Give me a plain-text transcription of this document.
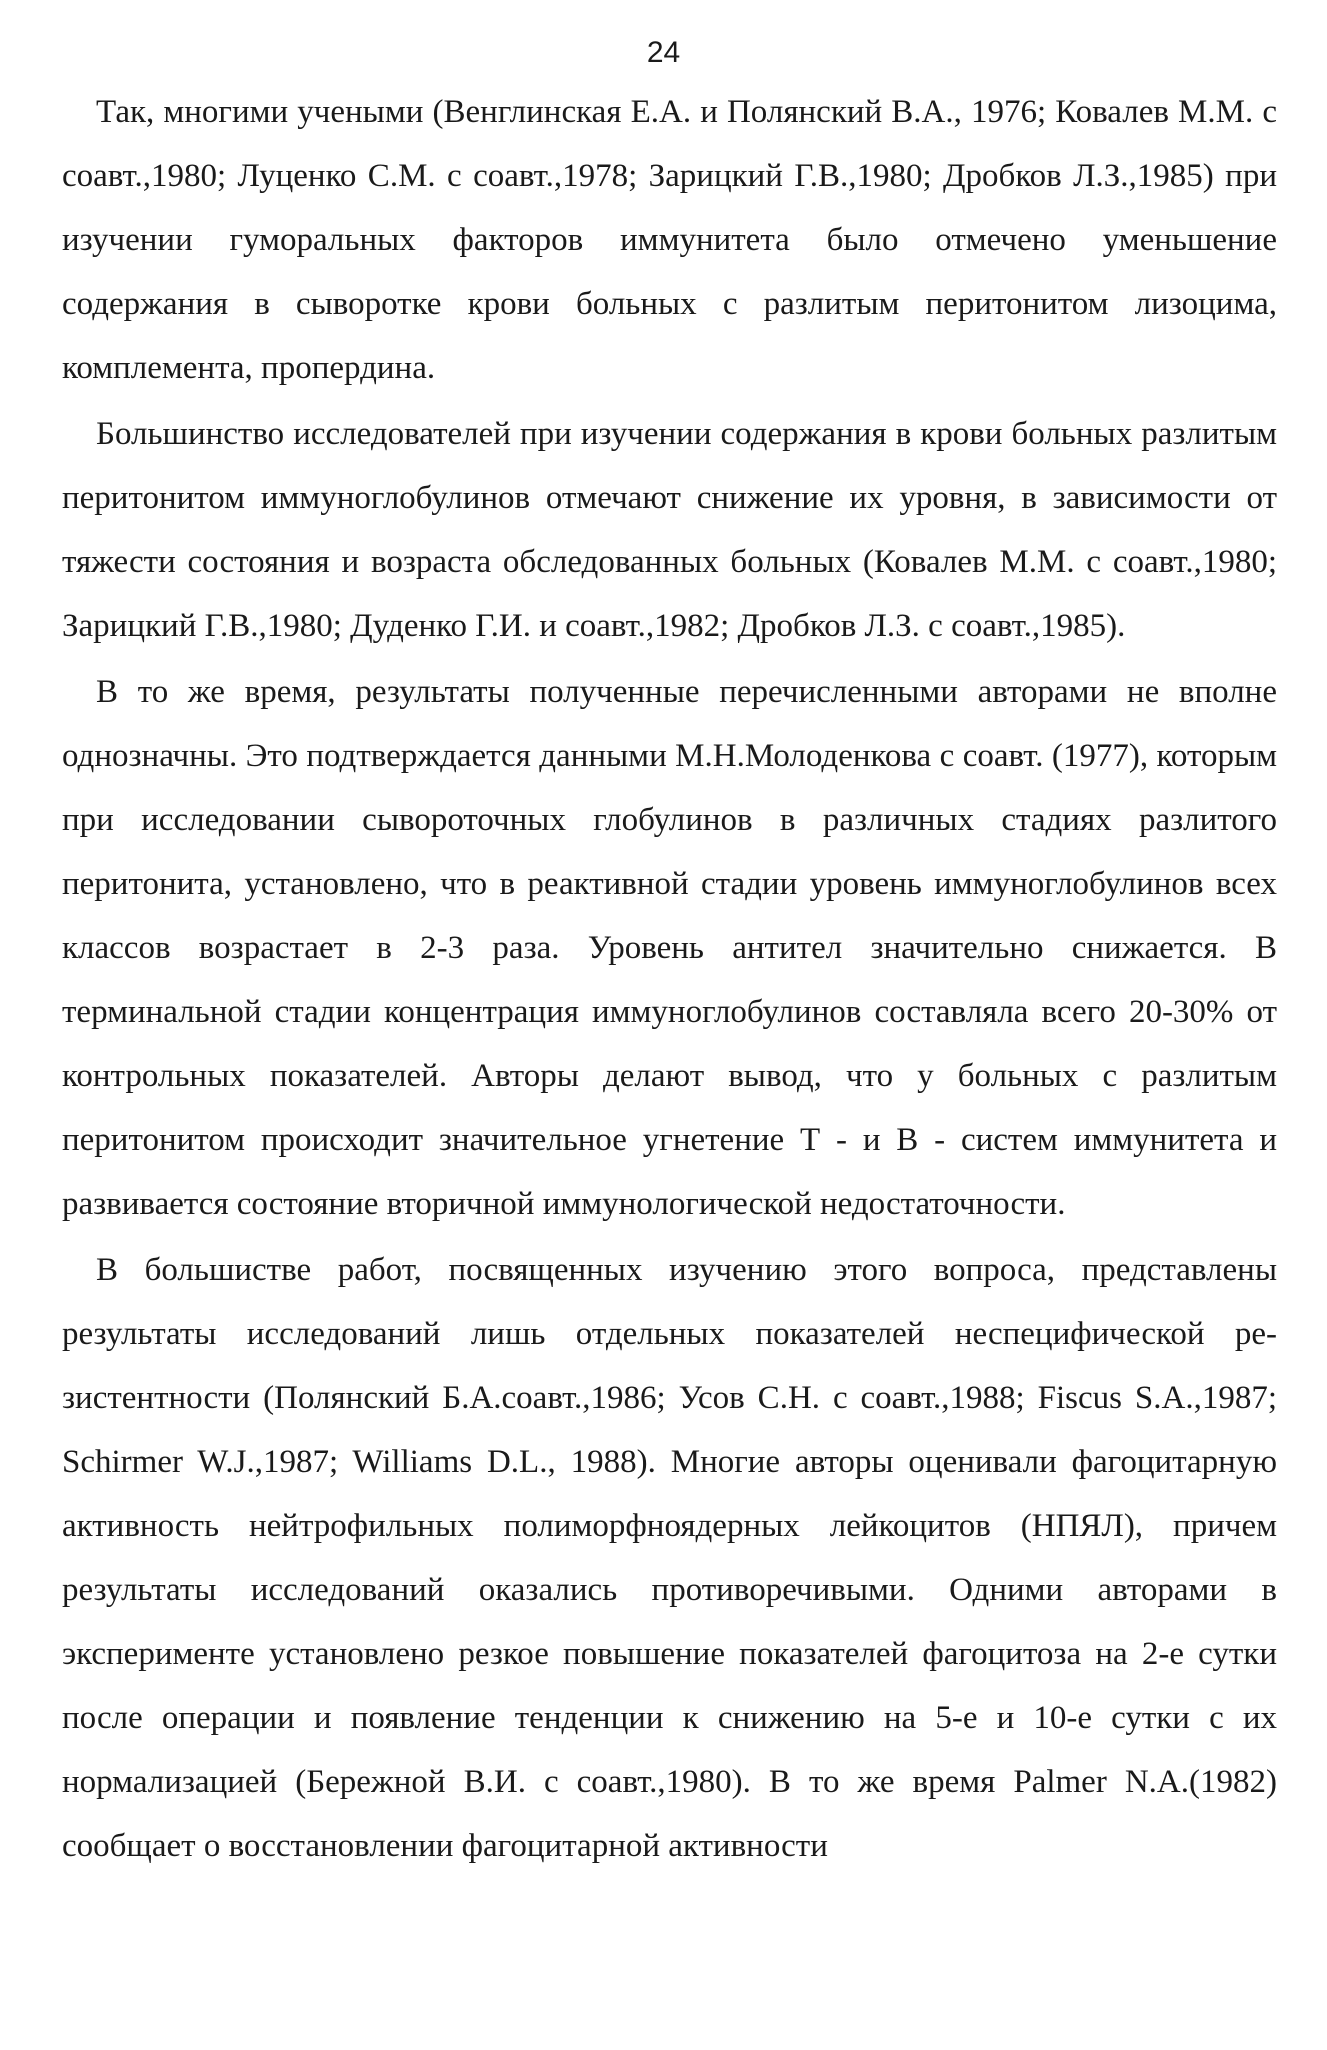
24

Так, многими учеными (Венглинская Е.А. и Полянский В.А., 1976; Ковалев М.М. с соавт.,1980; Луценко С.М. с соавт.,1978; Зарицкий Г.В.,1980; Дробков Л.З.,1985) при изучении гуморальных факторов иммунитета было отмечено уменьшение содержания в сыворотке крови больных с разлитым перитонитом лизоцима, комплемента, пропердина.

Большинство исследователей при изучении содержания в крови больных разлитым перитонитом иммуноглобулинов отмечают снижение их уровня, в зависимости от тяжести состояния и возраста обследованных больных (Ковалев М.М. с соавт.,1980; Зарицкий Г.В.,1980; Дуденко Г.И. и соавт.,1982; Дробков Л.З. с соавт.,1985).

В то же время, результаты полученные перечисленными авторами не вполне однозначны. Это подтверждается данными М.Н.Молоденкова с соавт. (1977), которым при исследовании сывороточных глобулинов в различных стадиях разлитого перитонита, установлено, что в реактивной стадии уровень иммуноглобулинов всех классов возрастает в 2-3 раза. Уровень антител значительно снижается. В терминальной стадии концентрация иммуноглобулинов составляла всего 20-30% от контрольных показателей. Авторы делают вывод, что у больных с разлитым перитонитом происходит значительное угнетение Т - и В - систем иммунитета и развивается состояние вторичной иммунологической недостаточности.

В большистве работ, посвященных изучению этого вопроса, представлены результаты исследований лишь отдельных показателей неспецифической резистентности (Полянский Б.А.соавт.,1986; Усов С.Н. с соавт.,1988; Fiscus S.A.,1987; Schirmer W.J.,1987; Williams D.L., 1988). Многие авторы оценивали фагоцитарную активность нейтрофильных полиморфноядерных лейкоцитов (НПЯЛ), причем результаты исследований оказались противоречивыми. Одними авторами в эксперименте установлено резкое повышение показателей фагоцитоза на 2-е сутки после операции и появление тенденции к снижению на 5-е и 10-е сутки с их нормализацией (Бережной В.И. с соавт.,1980). В то же время Palmer N.A.(1982) сообщает о восстановлении фагоцитарной активности
